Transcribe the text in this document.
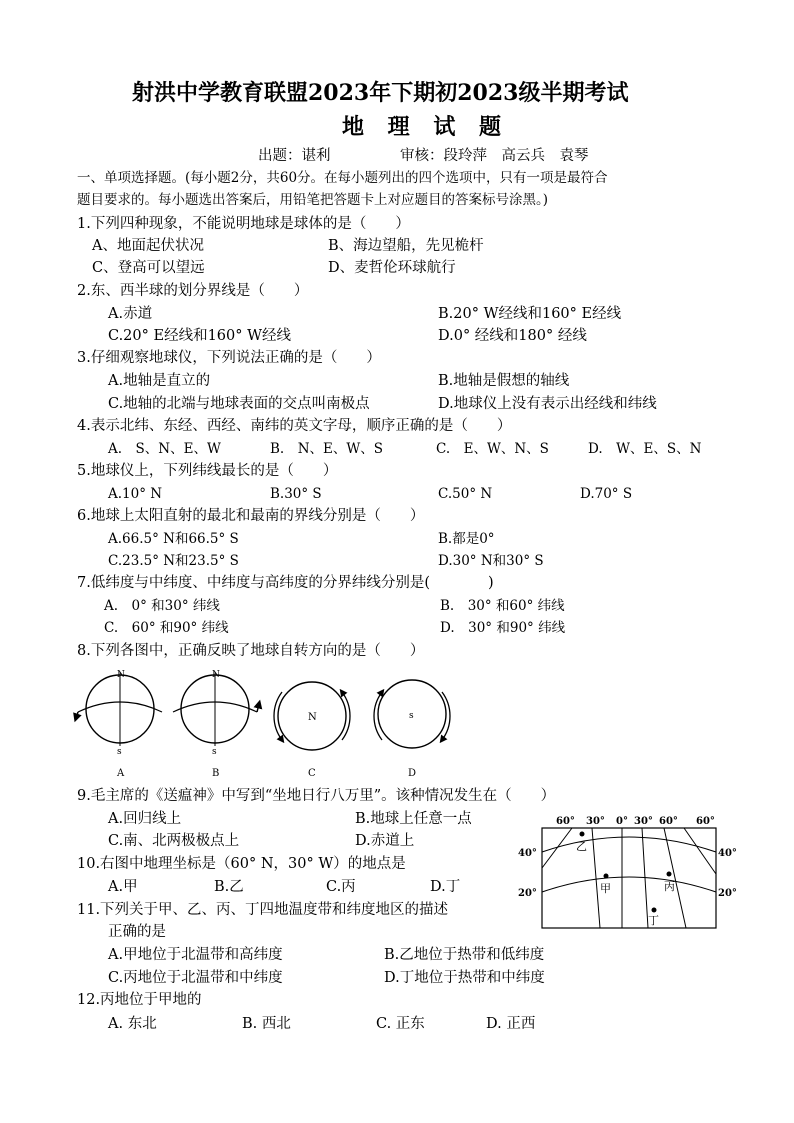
射洪中学教育联盟2023年下期初2023级半期考试
地 理 试 题
出题：谌利	审核：段玲萍　高云兵　袁琴
一、单项选择题。(每小题2分，共60分。在每小题列出的四个选项中，只有一项是最符合
题目要求的。每小题选出答案后，用铅笔把答题卡上对应题目的答案标号涂黑。)
1.下列四种现象，不能说明地球是球体的是（　　）
A、地面起伏状况	B、海边望船，先见桅杆
C、登高可以望远	D、麦哲伦环球航行
2.东、西半球的划分界线是（　　）
A.赤道	B.20° W经线和160° E经线
C.20° E经线和160° W经线	D.0° 经线和180° 经线
3.仔细观察地球仪，下列说法正确的是（　　）
A.地轴是直立的	B.地轴是假想的轴线
C.地轴的北端与地球表面的交点叫南极点	D.地球仪上没有表示出经线和纬线
4.表示北纬、东经、西经、南纬的英文字母，顺序正确的是（　　）
A.　S、N、E、W	B.　N、E、W、S	C.　E、W、N、S	D.　W、E、S、N
5.地球仪上，下列纬线最长的是（　　）
A.10° N	B.30° S	C.50° N	D.70° S
6.地球上太阳直射的最北和最南的界线分别是（　　）
A.66.5° N和66.5° S	B.都是0°
C.23.5° N和23.5° S	D.30° N和30° S
7.低纬度与中纬度、中纬度与高纬度的分界纬线分别是(　　　　)
A.　0° 和30° 纬线	B.　30° 和60° 纬线
C.　60° 和90° 纬线	D.　30° 和90° 纬线
8.下列各图中，正确反映了地球自转方向的是（　　）
N
s
A
N
s
B
N
C
s
D
9.毛主席的《送瘟神》中写到“坐地日行八万里”。该种情况发生在（　　）
A.回归线上	B.地球上任意一点
C.南、北两极极点上	D.赤道上
10.右图中地理坐标是（60° N，30° W）的地点是
A.甲	B.乙	C.丙	D.丁
11.下列关于甲、乙、丙、丁四地温度带和纬度地区的描述
正确的是
A.甲地位于北温带和高纬度	B.乙地位于热带和低纬度
C.丙地位于北温带和中纬度	D.丁地位于热带和中纬度
12.丙地位于甲地的
A. 东北	B. 西北	C. 正东	D. 正西
60° 30° 0° 30° 60° 60°
40°
20°
40°
20°
乙
甲	丙
丁
